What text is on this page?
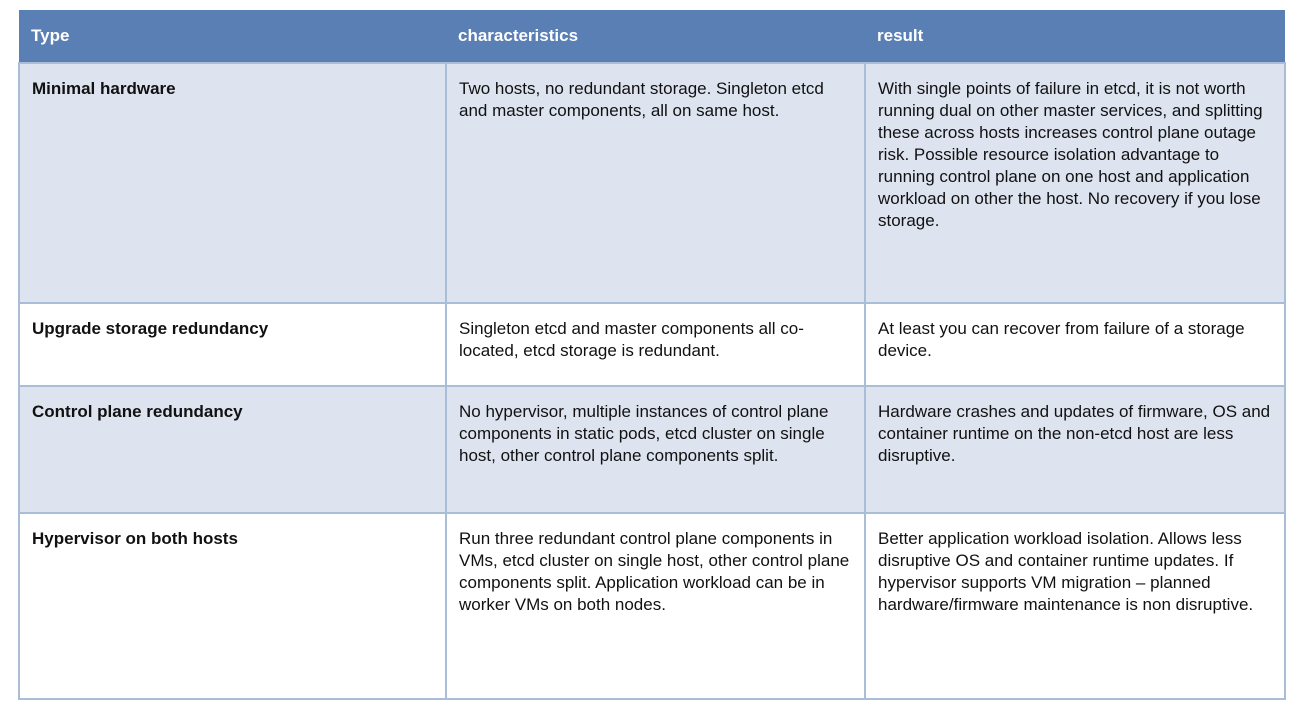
Type	characteristics	result
Minimal hardware	Two hosts, no redundant storage. Singleton etcd and master components, all on same host.	With single points of failure in etcd, it is not worth running dual on other master services, and splitting these across hosts increases control plane outage risk. Possible resource isolation advantage to running control plane on one host and application workload on other the host. No recovery if you lose storage.
Upgrade storage redundancy	Singleton etcd and master components all co-located, etcd storage is redundant.	At least you can recover from failure of a storage device.
Control plane redundancy	No hypervisor, multiple instances of control plane components in static pods, etcd cluster on single host, other control plane components split.	Hardware crashes and updates of firmware, OS and container runtime on the non-etcd host are less disruptive.
Hypervisor on both hosts	Run three redundant control plane components in VMs, etcd cluster on single host, other control plane components split. Application workload can be in worker VMs on both nodes.	Better application workload isolation. Allows less disruptive OS and container runtime updates. If hypervisor supports VM migration – planned hardware/firmware maintenance is non disruptive.
